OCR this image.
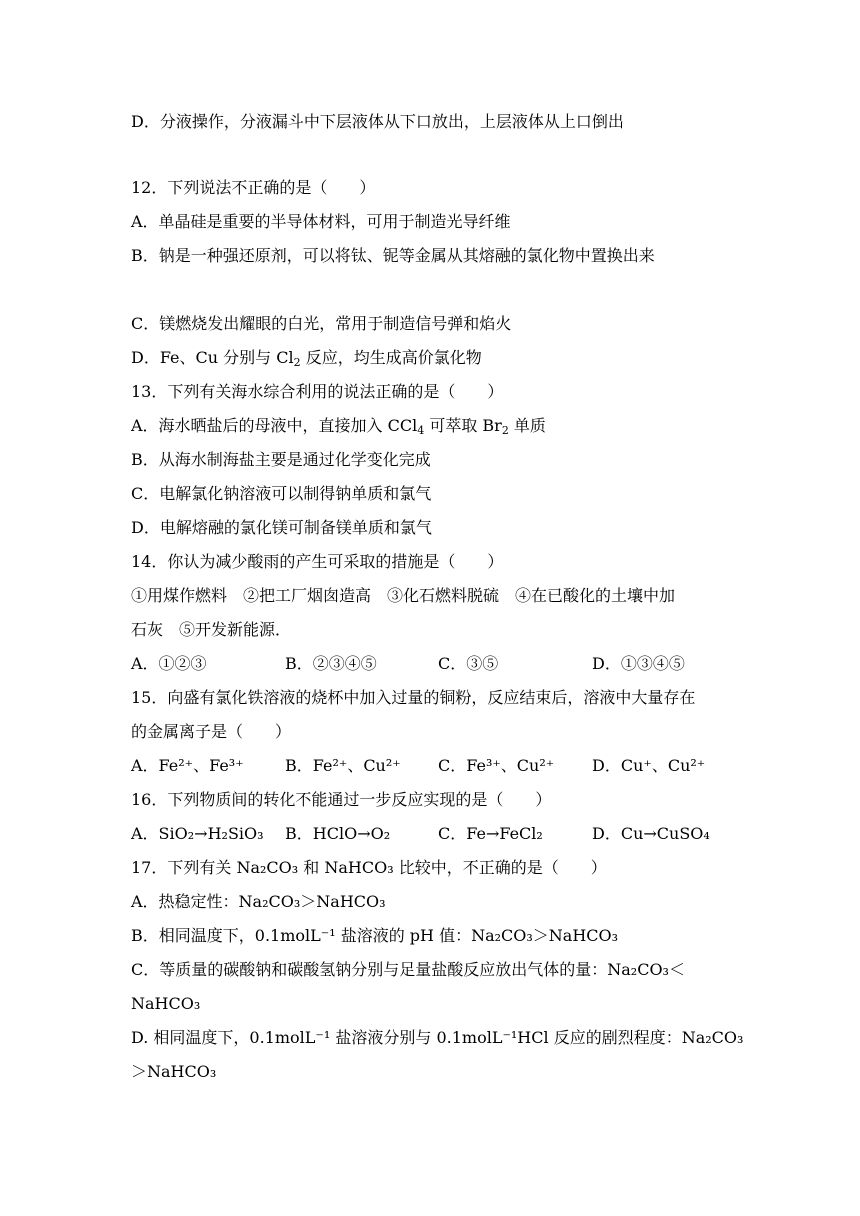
D．分液操作，分液漏斗中下层液体从下口放出，上层液体从上口倒出
12．下列说法不正确的是（　　）
A．单晶硅是重要的半导体材料，可用于制造光导纤维
B．钠是一种强还原剂，可以将钛、铌等金属从其熔融的氯化物中置换出来
C．镁燃烧发出耀眼的白光，常用于制造信号弹和焰火
D．Fe、Cu 分别与 $Cl_2$ 反应，均生成高价氯化物
13．下列有关海水综合利用的说法正确的是（　　）
A．海水晒盐后的母液中，直接加入 CCl$_4$ 可萃取 $Br_2$ 单质
B．从海水制海盐主要是通过化学变化完成
C．电解氯化钠溶液可以制得钠单质和氯气
D．电解熔融的氯化镁可制备镁单质和氯气
14．你认为减少酸雨的产生可采取的措施是（　　）
①用煤作燃料　②把工厂烟囱造高　③化石燃料脱硫　④在已酸化的土壤中加
石灰　⑤开发新能源．
A．①②③	B．②③④⑤	C．③⑤	D．①③④⑤
15．向盛有氯化铁溶液的烧杯中加入过量的铜粉，反应结束后，溶液中大量存在
的金属离子是（　　）
A．Fe²⁺、Fe³⁺	B．Fe²⁺、Cu²⁺ C．Fe³⁺、Cu²⁺ D．Cu⁺、Cu²⁺
16．下列物质间的转化不能通过一步反应实现的是（　　）
A．SiO₂→H₂SiO₃ B．HClO→O₂	C．Fe→FeCl₂	D．Cu→CuSO₄
17．下列有关 Na₂CO₃ 和 NaHCO₃ 比较中，不正确的是（　　）
A．热稳定性：Na₂CO₃＞NaHCO₃
B．相同温度下，0.1molL⁻¹ 盐溶液的 pH 值：Na₂CO₃＞NaHCO₃
C．等质量的碳酸钠和碳酸氢钠分别与足量盐酸反应放出气体的量：Na₂CO₃＜
NaHCO₃
D. 相同温度下，0.1molL⁻¹ 盐溶液分别与 0.1molL⁻¹HCl 反应的剧烈程度：Na₂CO₃
＞NaHCO₃
